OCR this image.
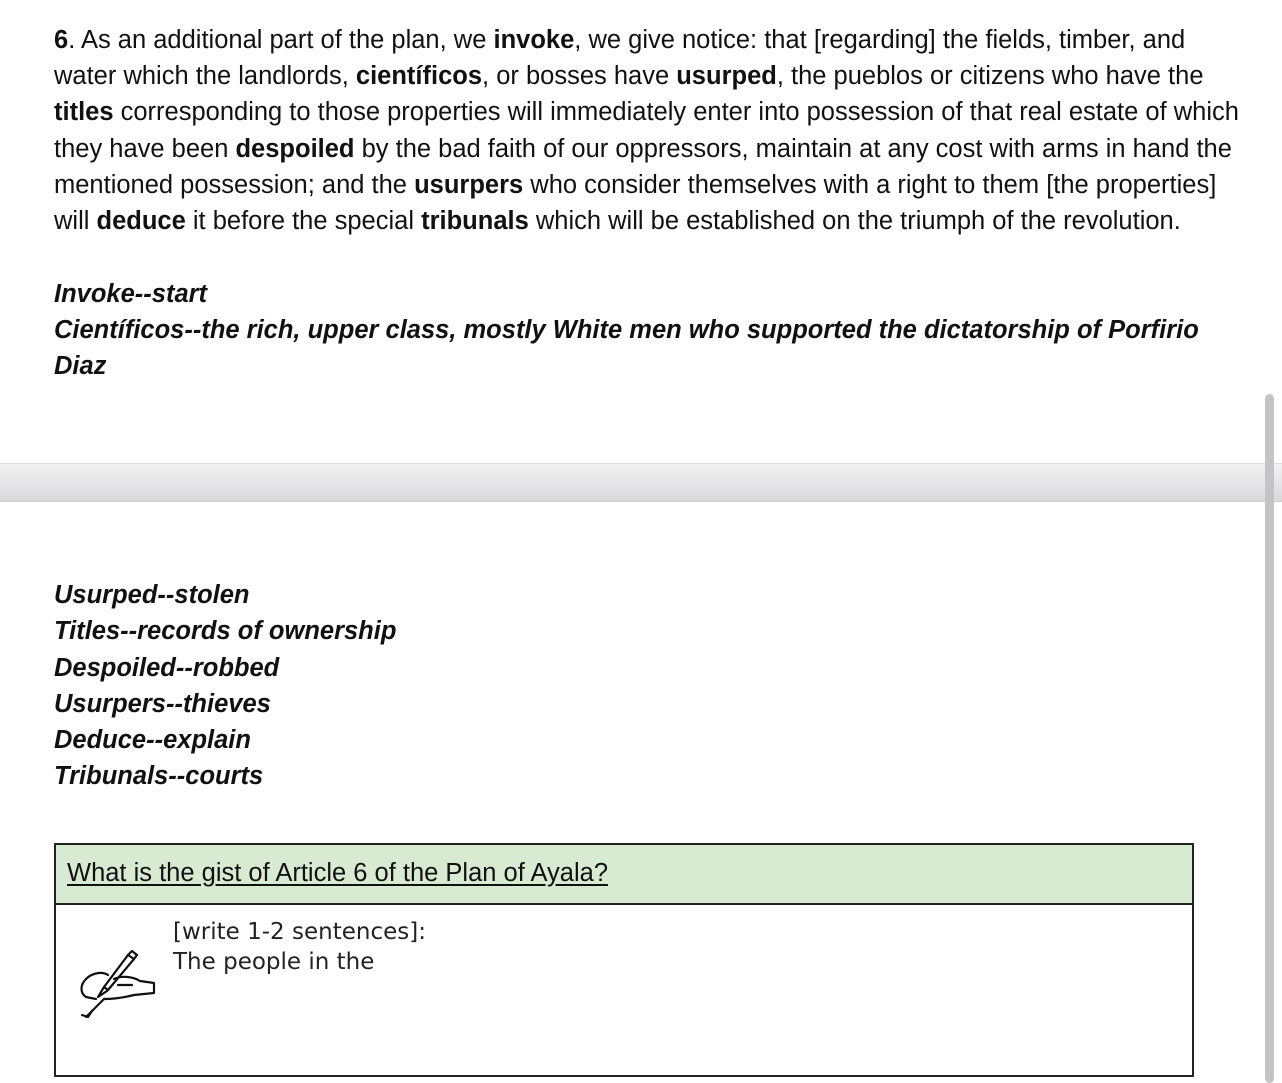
6. As an additional part of the plan, we invoke, we give notice: that [regarding] the fields, timber, and water which the landlords, científicos, or bosses have usurped, the pueblos or citizens who have the titles corresponding to those properties will immediately enter into possession of that real estate of which they have been despoiled by the bad faith of our oppressors, maintain at any cost with arms in hand the mentioned possession; and the usurpers who consider themselves with a right to them [the properties] will deduce it before the special tribunals which will be established on the triumph of the revolution.
Invoke--start
Científicos--the rich, upper class, mostly White men who supported the dictatorship of Porfirio Diaz
Usurped--stolen
Titles--records of ownership
Despoiled--robbed
Usurpers--thieves
Deduce--explain
Tribunals--courts
What is the gist of Article 6 of the Plan of Ayala?
[write 1-2 sentences]:
The people in the
